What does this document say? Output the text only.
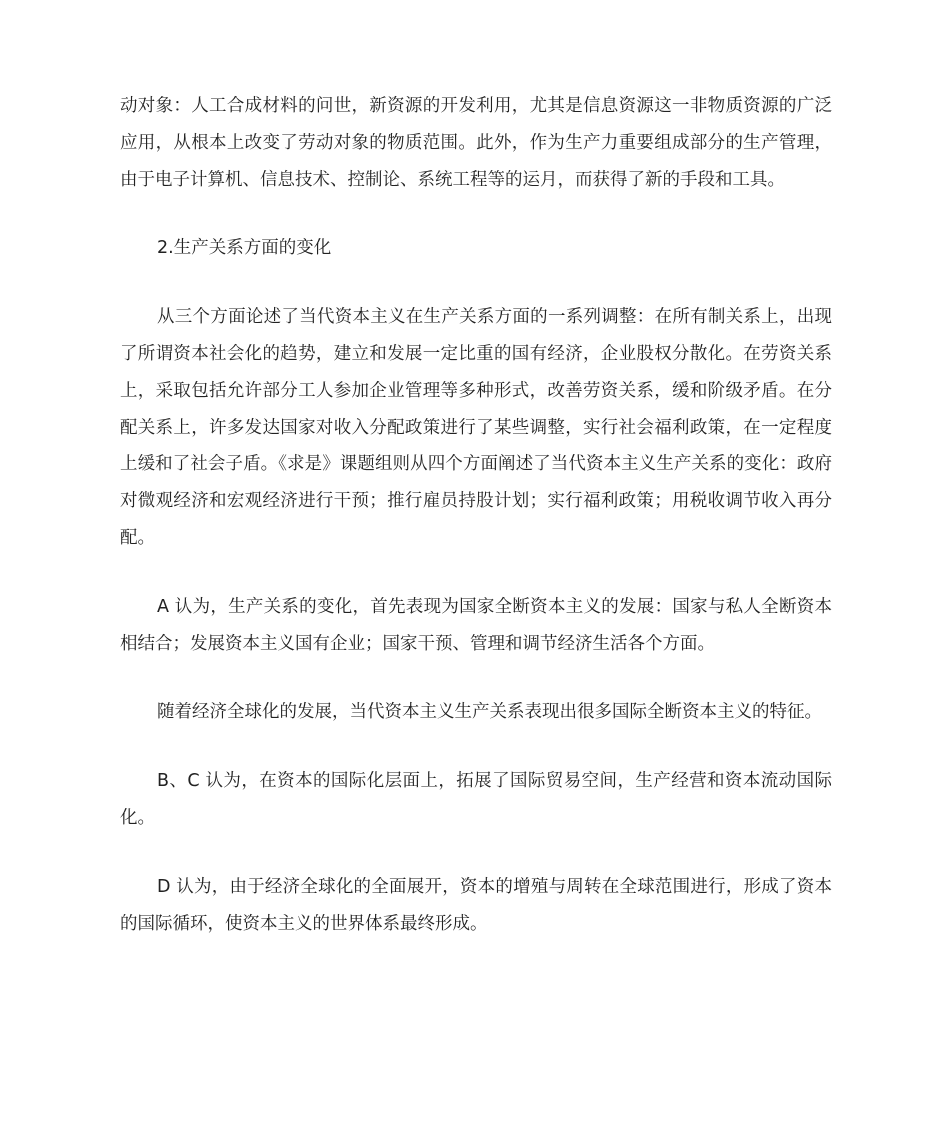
动对象：人工合成材料的问世，新资源的开发利用，尤其是信息资源这一非物质资源的广泛应用，从根本上改变了劳动对象的物质范围。此外，作为生产力重要组成部分的生产管理，由于电子计算机、信息技术、控制论、系统工程等的运月，而获得了新的手段和工具。

2.生产关系方面的变化

从三个方面论述了当代资本主义在生产关系方面的一系列调整：在所有制关系上，出现了所谓资本社会化的趋势，建立和发展一定比重的国有经济，企业股权分散化。在劳资关系上，采取包括允许部分工人参加企业管理等多种形式，改善劳资关系，缓和阶级矛盾。在分配关系上，许多发达国家对收入分配政策进行了某些调整，实行社会福利政策，在一定程度上缓和了社会子盾。《求是》课题组则从四个方面阐述了当代资本主义生产关系的变化：政府对微观经济和宏观经济进行干预；推行雇员持股计划；实行福利政策；用税收调节收入再分配。

A 认为，生产关系的变化，首先表现为国家全断资本主义的发展：国家与私人全断资本相结合；发展资本主义国有企业；国家干预、管理和调节经济生活各个方面。

随着经济全球化的发展，当代资本主义生产关系表现出很多国际全断资本主义的特征。

B、C 认为，在资本的国际化层面上，拓展了国际贸易空间，生产经营和资本流动国际化。

D 认为，由于经济全球化的全面展开，资本的增殖与周转在全球范围进行，形成了资本的国际循环，使资本主义的世界体系最终形成。
